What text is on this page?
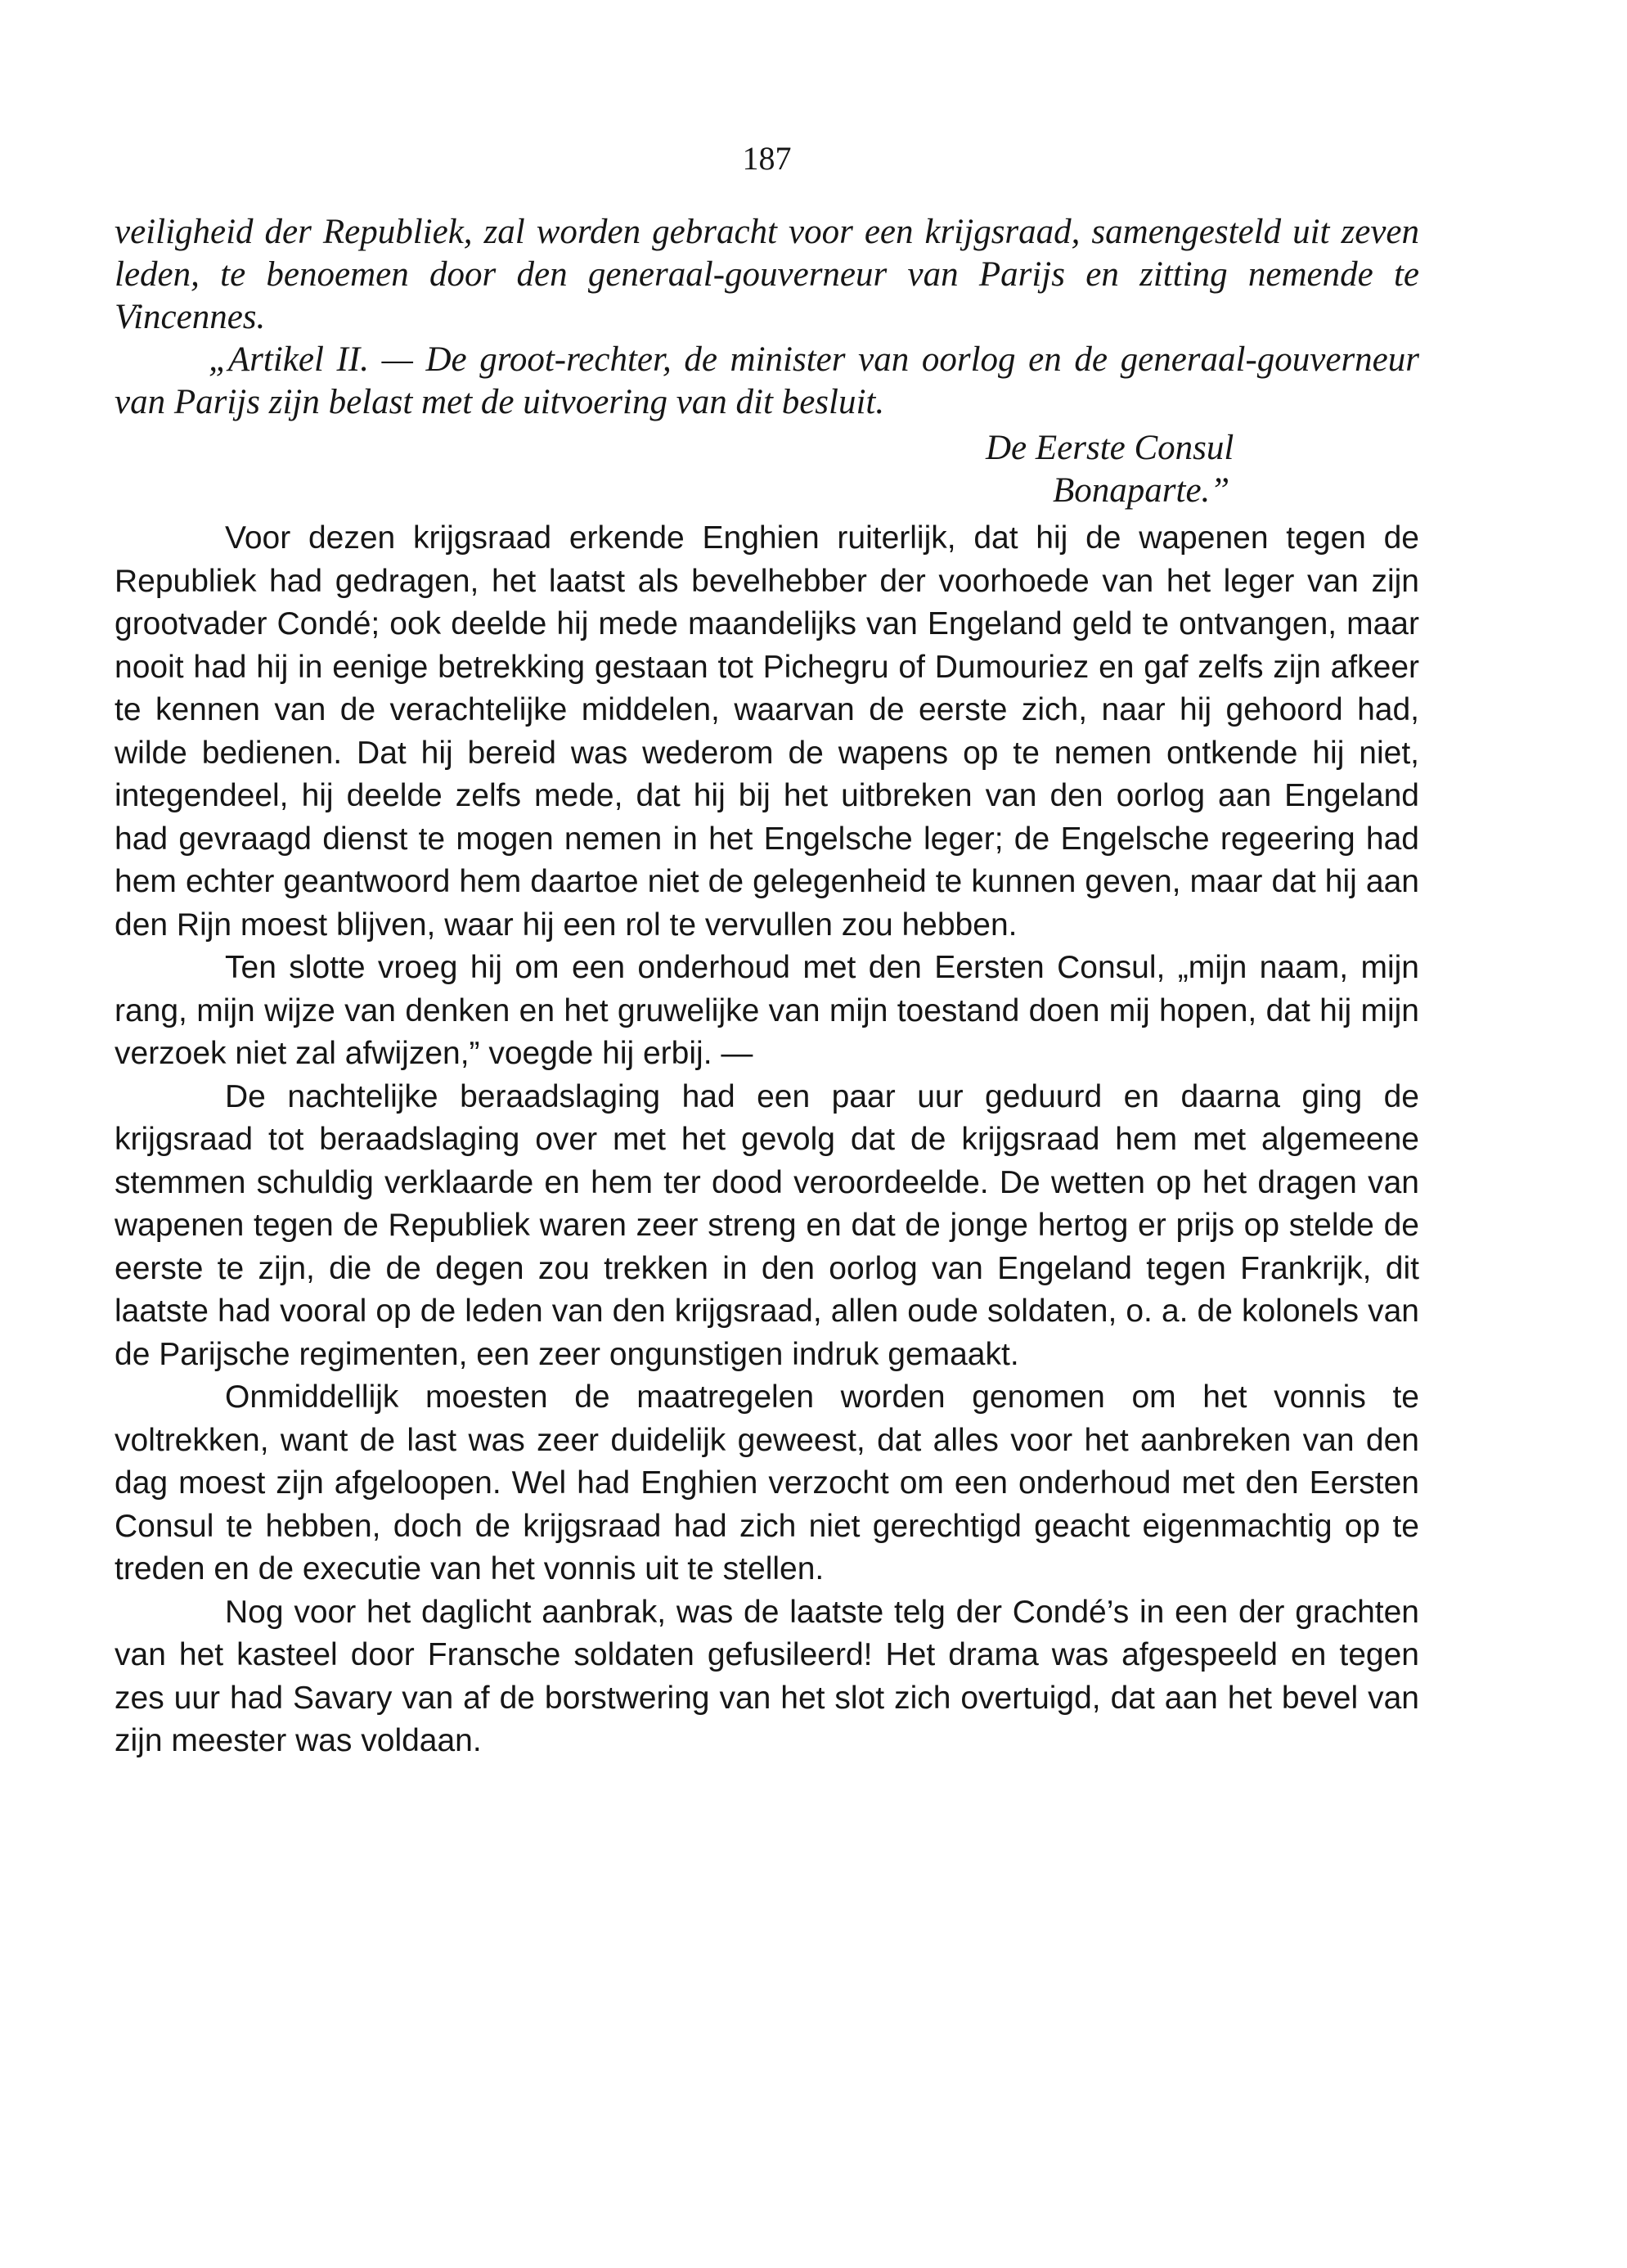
187

veiligheid der Republiek, zal worden gebracht voor een krijgsraad, samengesteld uit zeven leden, te benoemen door den generaal-gouverneur van Parijs en zitting nemende te Vincennes.

„Artikel II. — De groot-rechter, de minister van oorlog en de generaal-gouverneur van Parijs zijn belast met de uitvoering van dit besluit.

De Eerste Consul

Bonaparte.”

Voor dezen krijgsraad erkende Enghien ruiterlijk, dat hij de wapenen tegen de Republiek had gedragen, het laatst als bevelhebber der voorhoede van het leger van zijn grootvader Condé; ook deelde hij mede maandelijks van Engeland geld te ontvangen, maar nooit had hij in eenige betrekking gestaan tot Pichegru of Dumouriez en gaf zelfs zijn afkeer te kennen van de verachtelijke middelen, waarvan de eerste zich, naar hij gehoord had, wilde bedienen. Dat hij bereid was wederom de wapens op te nemen ontkende hij niet, integendeel, hij deelde zelfs mede, dat hij bij het uitbreken van den oorlog aan Engeland had gevraagd dienst te mogen nemen in het Engelsche leger; de Engelsche regeering had hem echter geantwoord hem daartoe niet de gelegenheid te kunnen geven, maar dat hij aan den Rijn moest blijven, waar hij een rol te vervullen zou hebben.

Ten slotte vroeg hij om een onderhoud met den Eersten Consul, „mijn naam, mijn rang, mijn wijze van denken en het gruwelijke van mijn toestand doen mij hopen, dat hij mijn verzoek niet zal afwijzen,” voegde hij erbij. —

De nachtelijke beraadslaging had een paar uur geduurd en daarna ging de krijgsraad tot beraadslaging over met het gevolg dat de krijgsraad hem met algemeene stemmen schuldig verklaarde en hem ter dood veroordeelde. De wetten op het dragen van wapenen tegen de Republiek waren zeer streng en dat de jonge hertog er prijs op stelde de eerste te zijn, die de degen zou trekken in den oorlog van Engeland tegen Frankrijk, dit laatste had vooral op de leden van den krijgsraad, allen oude soldaten, o. a. de kolonels van de Parijsche regimenten, een zeer ongunstigen indruk gemaakt.

Onmiddellijk moesten de maatregelen worden genomen om het vonnis te voltrekken, want de last was zeer duidelijk geweest, dat alles voor het aanbreken van den dag moest zijn afgeloopen. Wel had Enghien verzocht om een onderhoud met den Eersten Consul te hebben, doch de krijgsraad had zich niet gerechtigd geacht eigenmachtig op te treden en de executie van het vonnis uit te stellen.

Nog voor het daglicht aanbrak, was de laatste telg der Condé’s in een der grachten van het kasteel door Fransche soldaten gefusileerd! Het drama was afgespeeld en tegen zes uur had Savary van af de borstwering van het slot zich overtuigd, dat aan het bevel van zijn meester was voldaan.
